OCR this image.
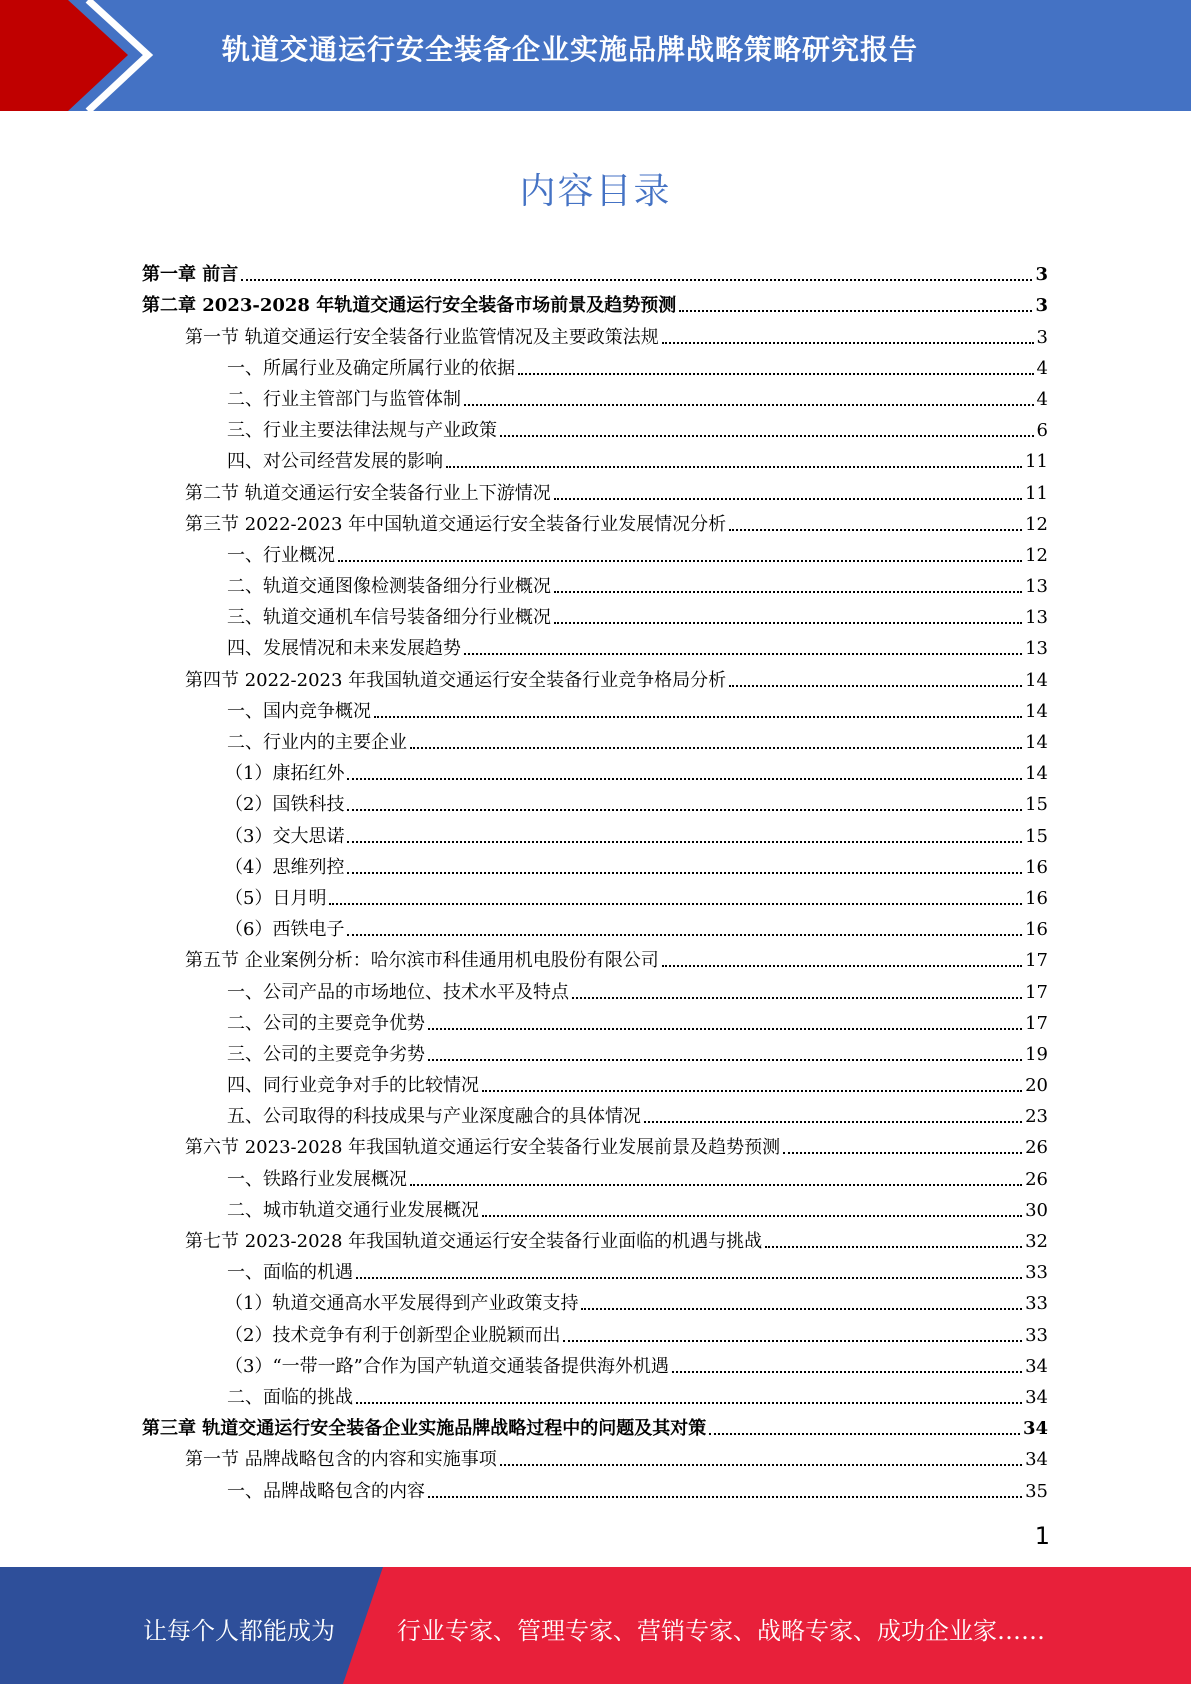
轨道交通运行安全装备企业实施品牌战略策略研究报告
内容目录
第一章 前言	3
第二章 2023-2028 年轨道交通运行安全装备市场前景及趋势预测	3
第一节 轨道交通运行安全装备行业监管情况及主要政策法规	3
一、所属行业及确定所属行业的依据	4
二、行业主管部门与监管体制	4
三、行业主要法律法规与产业政策	6
四、对公司经营发展的影响	11
第二节 轨道交通运行安全装备行业上下游情况	11
第三节 2022-2023 年中国轨道交通运行安全装备行业发展情况分析	12
一、行业概况	12
二、轨道交通图像检测装备细分行业概况	13
三、轨道交通机车信号装备细分行业概况	13
四、发展情况和未来发展趋势	13
第四节 2022-2023 年我国轨道交通运行安全装备行业竞争格局分析	14
一、国内竞争概况	14
二、行业内的主要企业	14
（1）康拓红外	14
（2）国铁科技	15
（3）交大思诺	15
（4）思维列控	16
（5）日月明	16
（6）西铁电子	16
第五节 企业案例分析：哈尔滨市科佳通用机电股份有限公司	17
一、公司产品的市场地位、技术水平及特点	17
二、公司的主要竞争优势	17
三、公司的主要竞争劣势	19
四、同行业竞争对手的比较情况	20
五、公司取得的科技成果与产业深度融合的具体情况	23
第六节 2023-2028 年我国轨道交通运行安全装备行业发展前景及趋势预测	26
一、铁路行业发展概况	26
二、城市轨道交通行业发展概况	30
第七节 2023-2028 年我国轨道交通运行安全装备行业面临的机遇与挑战	32
一、面临的机遇	33
（1）轨道交通高水平发展得到产业政策支持	33
（2）技术竞争有利于创新型企业脱颖而出	33
（3）“一带一路”合作为国产轨道交通装备提供海外机遇	34
二、面临的挑战	34
第三章 轨道交通运行安全装备企业实施品牌战略过程中的问题及其对策	34
第一节 品牌战略包含的内容和实施事项	34
一、品牌战略包含的内容	35
1
让每个人都能成为	行业专家、管理专家、营销专家、战略专家、成功企业家……
